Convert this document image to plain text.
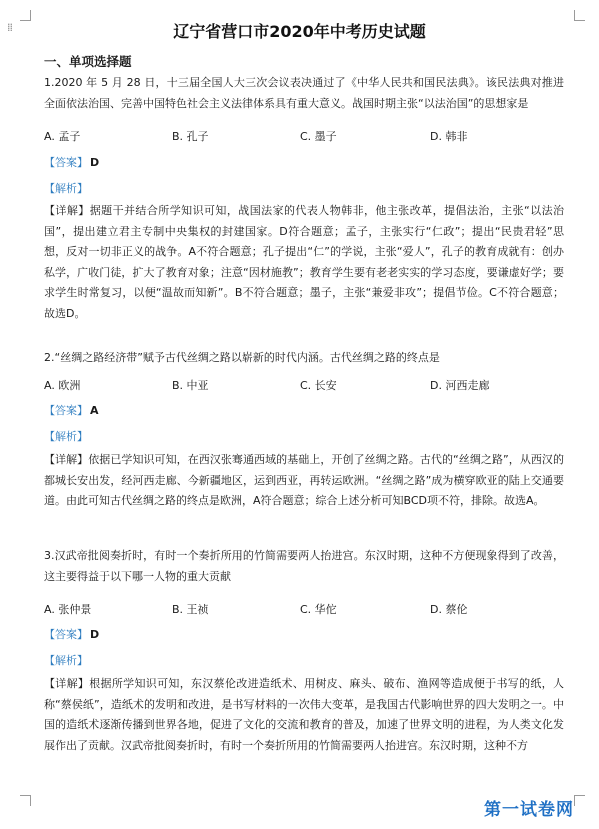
⁞⁞	辽宁省营口市2020年中考历史试题
一、单项选择题
1.2020 年 5 月 28 日，十三届全国人大三次会议表决通过了《中华人民共和国民法典》。该民法典对推进全面依法治国、完善中国特色社会主义法律体系具有重大意义。战国时期主张“以法治国”的思想家是
A. 孟子	B. 孔子	C. 墨子	D. 韩非
【答案】 D
【解析】
【详解】据题干并结合所学知识可知，战国法家的代表人物韩非，他主张改革，提倡法治，主张“以法治国”，提出建立君主专制中央集权的封建国家。D符合题意；孟子，主张实行“仁政”；提出“民贵君轻”思想，反对一切非正义的战争。A不符合题意；孔子提出“仁”的学说，主张“爱人”，孔子的教育成就有：创办私学，广收门徒，扩大了教育对象；注意“因材施教”；教育学生要有老老实实的学习态度，要谦虚好学；要求学生时常复习，以便“温故而知新”。B不符合题意；墨子，主张“兼爱非攻”；提倡节俭。C不符合题意；故选D。
2.“丝绸之路经济带”赋予古代丝绸之路以崭新的时代内涵。古代丝绸之路的终点是
A. 欧洲	B. 中亚	C. 长安	D. 河西走廊
【答案】 A
【解析】
【详解】依据已学知识可知，在西汉张骞通西域的基础上，开创了丝绸之路。古代的“丝绸之路”，从西汉的都城长安出发，经河西走廊、今新疆地区，运到西亚，再转运欧洲。“丝绸之路”成为横穿欧亚的陆上交通要道。由此可知古代丝绸之路的终点是欧洲，A符合题意；综合上述分析可知BCD项不符，排除。故选A。
3.汉武帝批阅奏折时，有时一个奏折所用的竹简需要两人抬进宫。东汉时期，这种不方便现象得到了改善，这主要得益于以下哪一人物的重大贡献
A. 张仲景	B. 王祯	C. 华佗	D. 蔡伦
【答案】 D
【解析】
【详解】根据所学知识可知，东汉蔡伦改进造纸术、用树皮、麻头、破布、渔网等造成便于书写的纸，人称“蔡侯纸”，造纸术的发明和改进，是书写材料的一次伟大变革，是我国古代影响世界的四大发明之一。中国的造纸术逐渐传播到世界各地，促进了文化的交流和教育的普及，加速了世界文明的进程，为人类文化发展作出了贡献。汉武帝批阅奏折时，有时一个奏折所用的竹简需要两人抬进宫。东汉时期，这种不方
第一试卷网
